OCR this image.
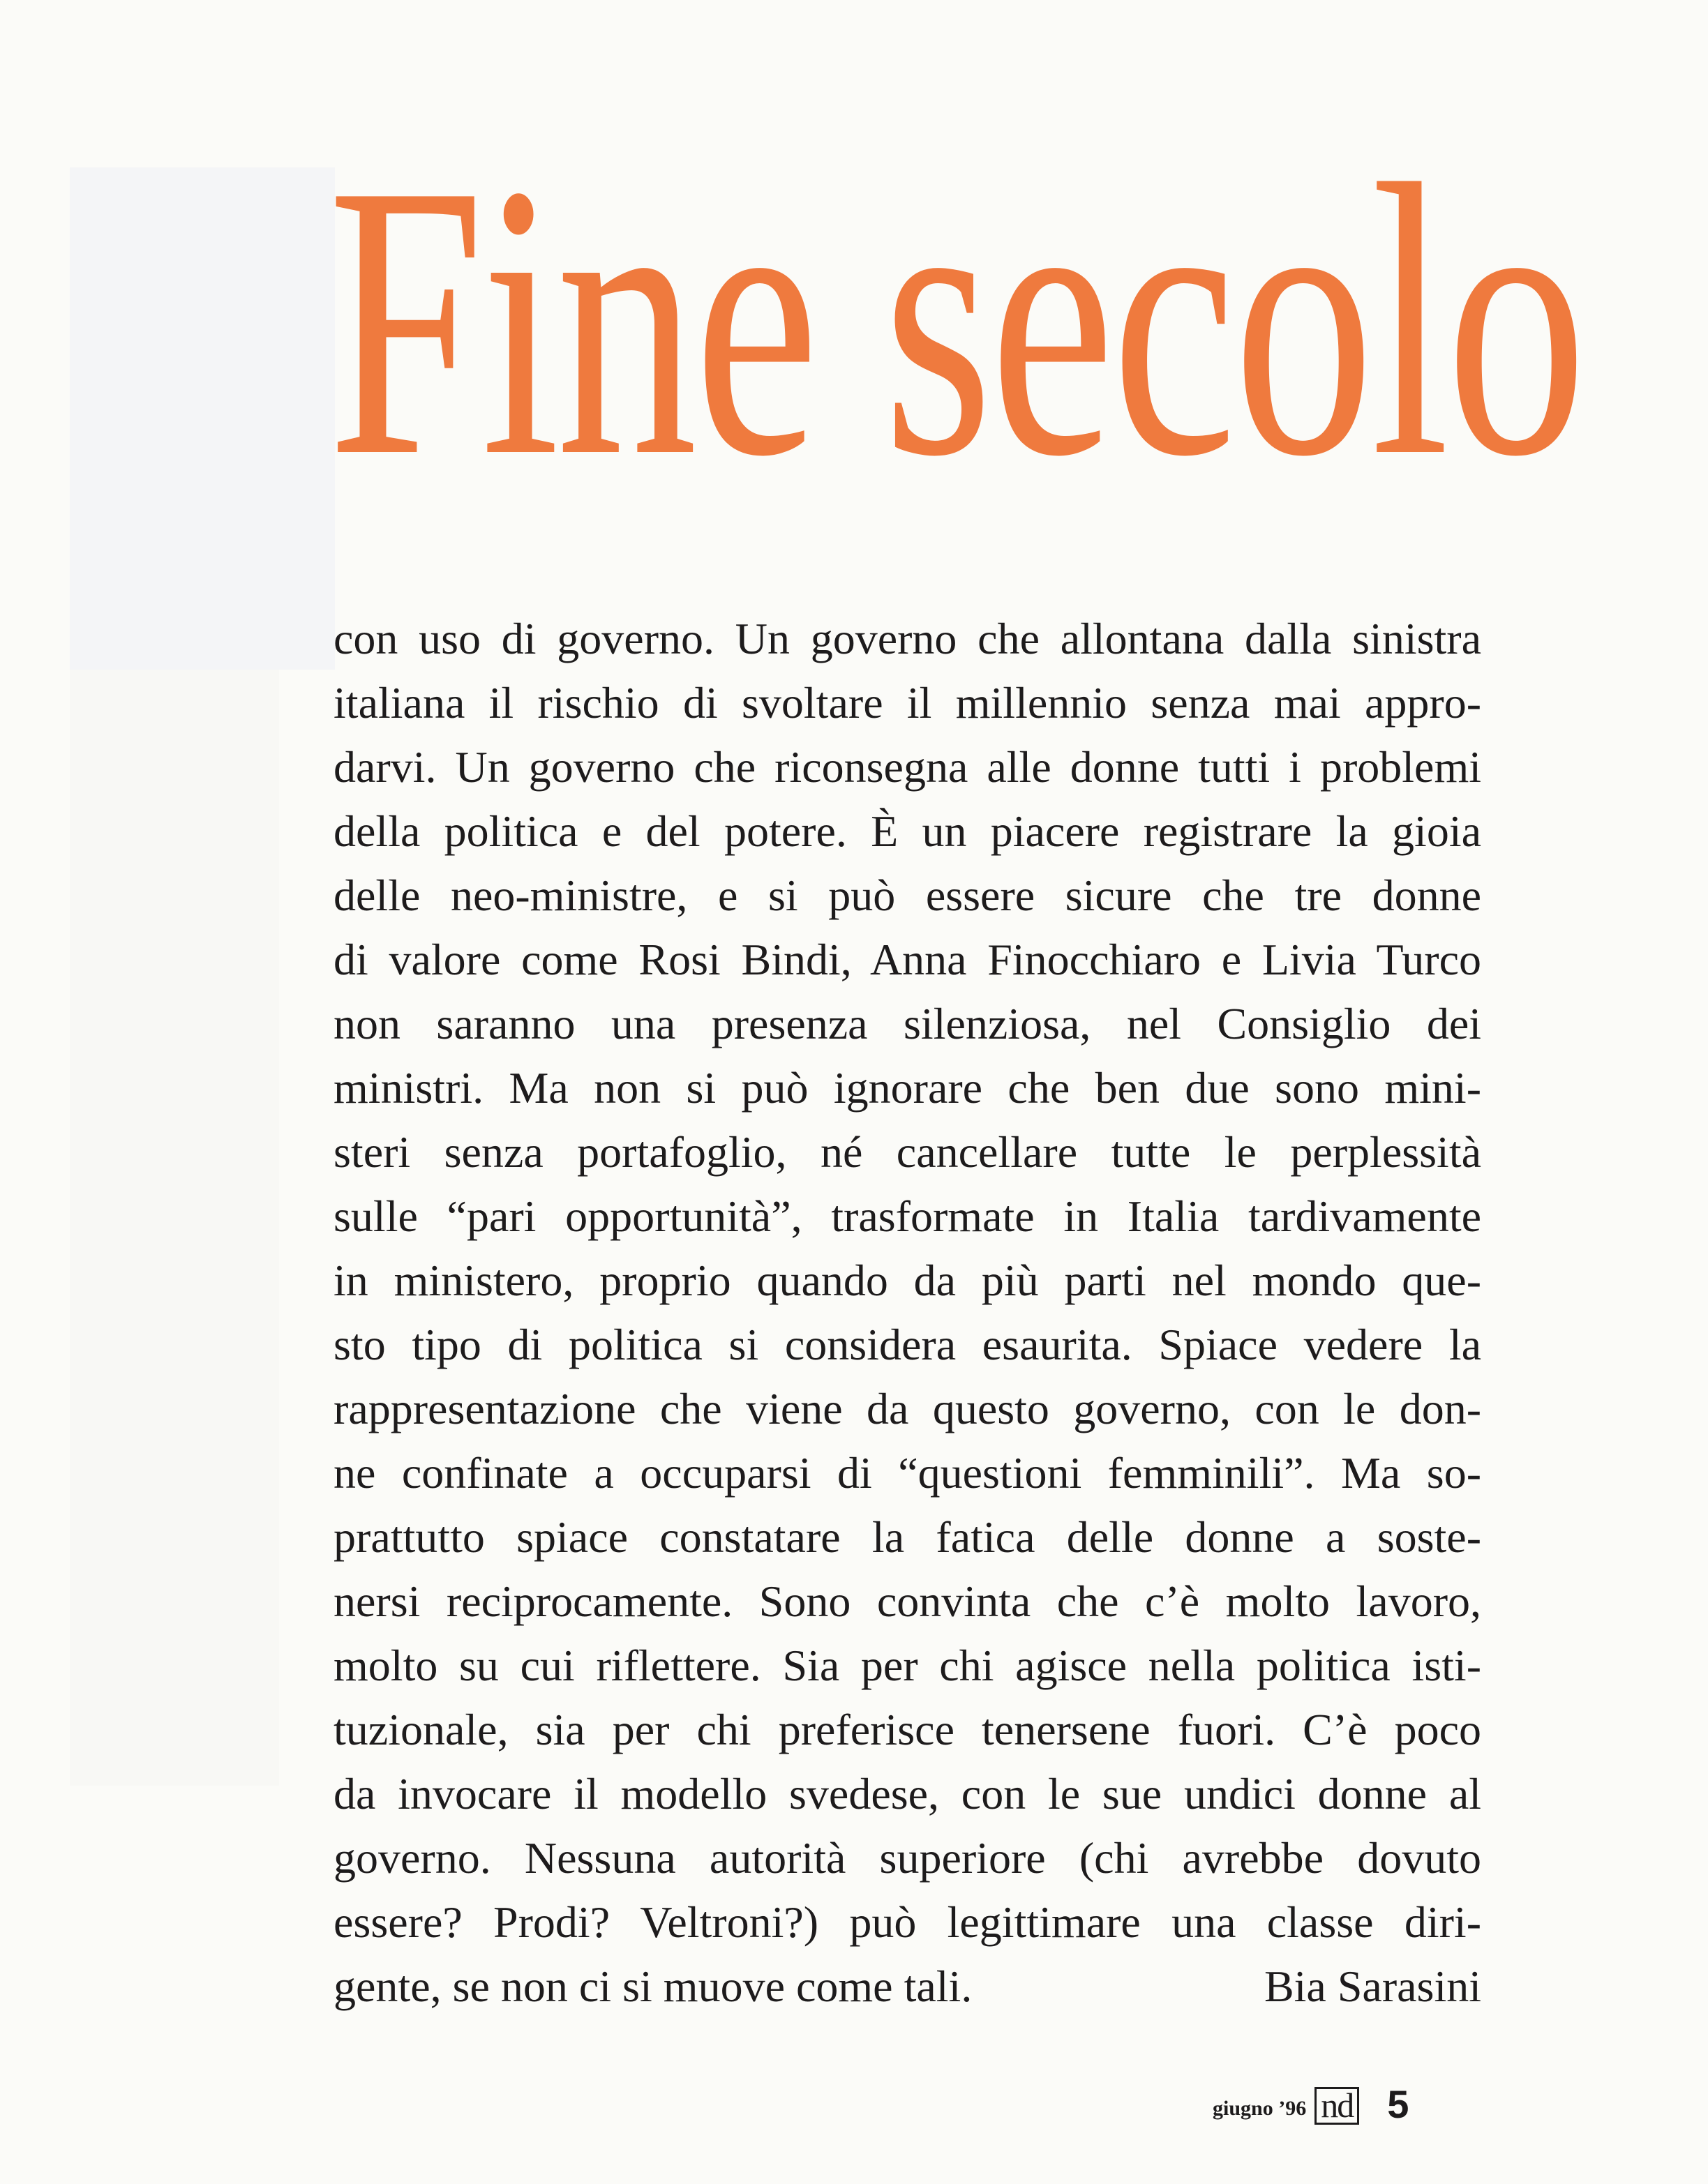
Fine secolo
con uso di governo. Un governo che allontana dalla sinistra
italiana il rischio di svoltare il millennio senza mai appro-
darvi. Un governo che riconsegna alle donne tutti i problemi
della politica e del potere. È un piacere registrare la gioia
delle neo-ministre, e si può essere sicure che tre donne
di valore come Rosi Bindi, Anna Finocchiaro e Livia Turco
non saranno una presenza silenziosa, nel Consiglio dei
ministri. Ma non si può ignorare che ben due sono mini-
steri senza portafoglio, né cancellare tutte le perplessità
sulle “pari opportunità”, trasformate in Italia tardivamente
in ministero, proprio quando da più parti nel mondo que-
sto tipo di politica si considera esaurita. Spiace vedere la
rappresentazione che viene da questo governo, con le don-
ne confinate a occuparsi di “questioni femminili”. Ma so-
prattutto spiace constatare la fatica delle donne a soste-
nersi reciprocamente. Sono convinta che c’è molto lavoro,
molto su cui riflettere. Sia per chi agisce nella politica isti-
tuzionale, sia per chi preferisce tenersene fuori. C’è poco
da invocare il modello svedese, con le sue undici donne al
governo. Nessuna autorità superiore (chi avrebbe dovuto
essere? Prodi? Veltroni?) può legittimare una classe diri-
gente, se non ci si muove come tali.	Bia Sarasini
giugno ’96 nd 5
